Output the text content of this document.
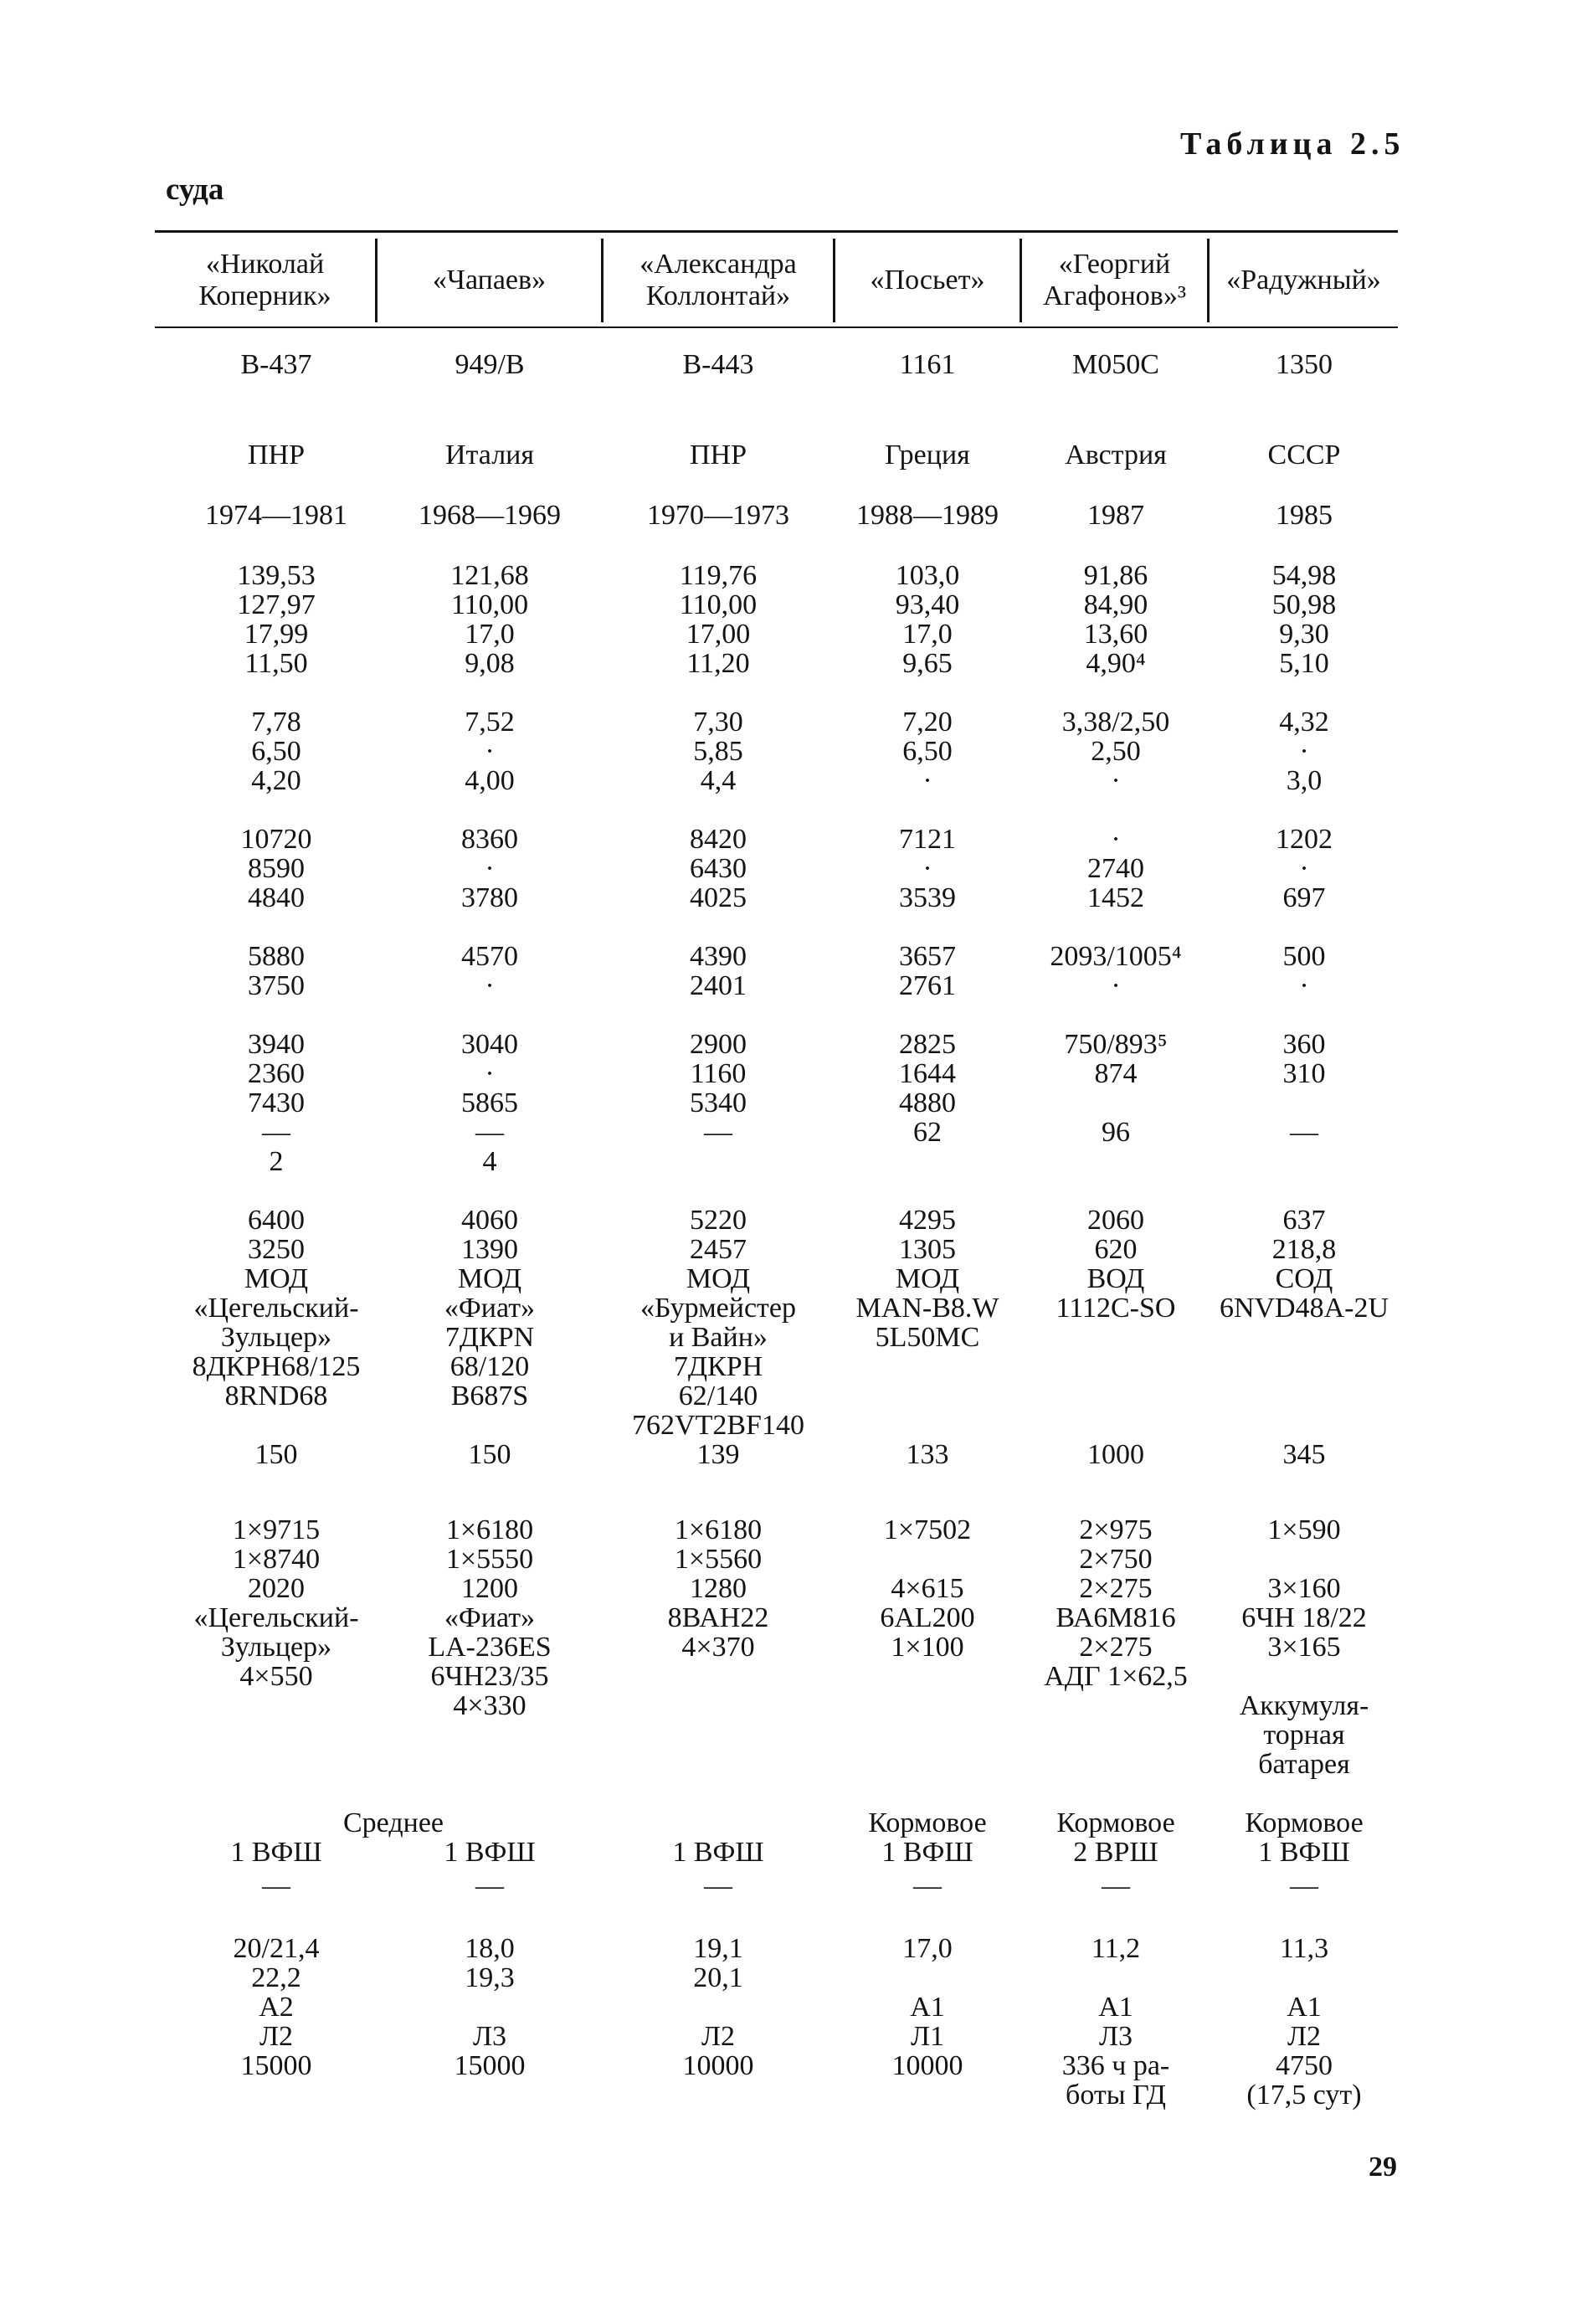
Таблица 2.5
суда
«Николай
Коперник»
«Чапаев»
«Александра
Коллонтай»
«Посьет»
«Георгий
Агафонов»³
«Радужный»
В-437
ПНР
1974—1981
139,53
127,97
17,99
11,50
7,78
6,50
4,20
10720
8590
4840
5880
3750
3940
2360
7430
—
2
6400
3250
МОД
«Цегельский-
Зульцер»
8ДКРН68/125
8RND68
150
1×9715
1×8740
2020
«Цегельский-
Зульцер»
4×550
1 ВФШ
—
20/21,4
22,2
А2
Л2
15000
949/В
Италия
1968—1969
121,68
110,00
17,0
9,08
7,52
·
4,00
8360
·
3780
4570
·
3040
·
5865
—
4
4060
1390
МОД
«Фиат»
7ДКРN
68/120
В687S
150
1×6180
1×5550
1200
«Фиат»
LA-236ES
6ЧН23/35
4×330
1 ВФШ
—
18,0
19,3
Л3
15000
В-443
ПНР
1970—1973
119,76
110,00
17,00
11,20
7,30
5,85
4,4
8420
6430
4025
4390
2401
2900
1160
5340
—
5220
2457
МОД
«Бурмейстер
и Вайн»
7ДКРН
62/140
762VT2BF140
139
1×6180
1×5560
1280
8ВАН22
4×370
1 ВФШ
—
19,1
20,1
Л2
10000
1161
Греция
1988—1989
103,0
93,40
17,0
9,65
7,20
6,50
·
7121
·
3539
3657
2761
2825
1644
4880
62
4295
1305
МОД
MAN-B8.W
5L50MC
133
1×7502
4×615
6AL200
1×100
Кормовое
1 ВФШ
—
17,0
А1
Л1
10000
М050С
Австрия
1987
91,86
84,90
13,60
4,90⁴
3,38/2,50
2,50
·
·
2740
1452
2093/1005⁴
·
750/893⁵
874
96
2060
620
ВОД
1112C-SO
1000
2×975
2×750
2×275
ВА6М816
2×275
АДГ 1×62,5
Кормовое
2 ВРШ
—
11,2
А1
Л3
336 ч ра-
боты ГД
1350
СССР
1985
54,98
50,98
9,30
5,10
4,32
·
3,0
1202
·
697
500
·
360
310
—
637
218,8
СОД
6NVD48A-2U
345
1×590
3×160
6ЧН 18/22
3×165
Аккумуля-
торная
батарея
Кормовое
1 ВФШ
—
11,3
А1
Л2
4750
(17,5 сут)
Среднее
29
